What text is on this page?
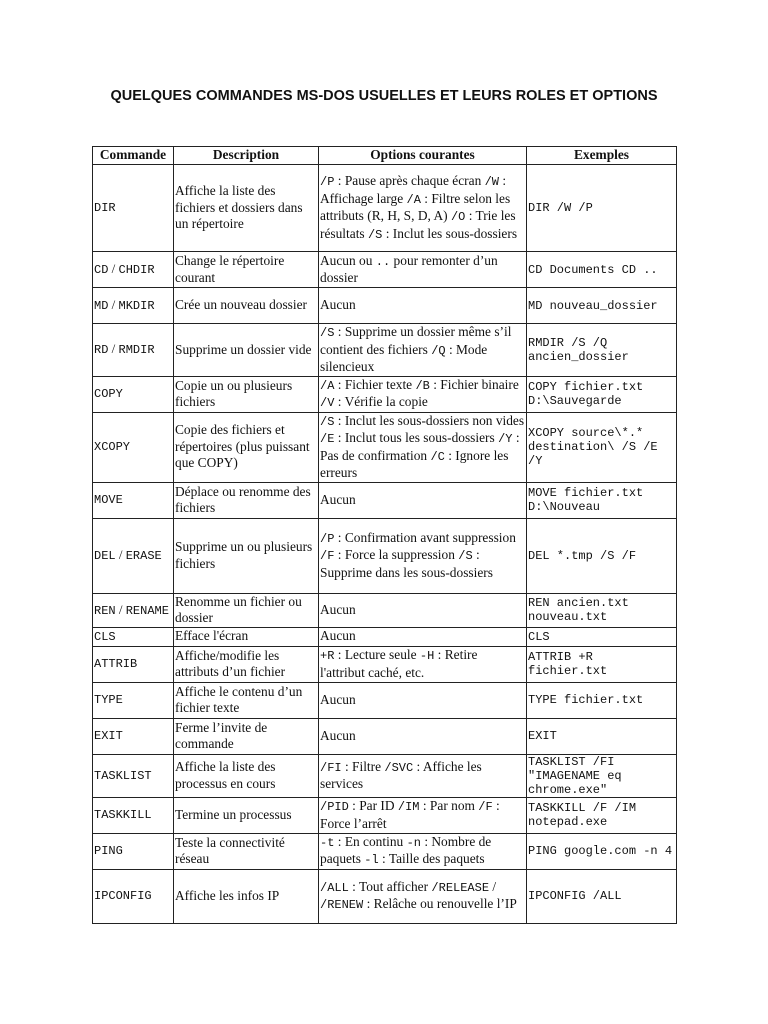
QUELQUES COMMANDES MS-DOS USUELLES ET LEURS ROLES ET OPTIONS
Commande	Description	Options courantes	Exemples
DIR	Affiche la liste des fichiers et dossiers dans un répertoire	/P : Pause après chaque écran /W : Affichage large /A : Filtre selon les attributs (R, H, S, D, A) /O : Trie les résultats /S : Inclut les sous-dossiers	DIR /W /P
CD / CHDIR	Change le répertoire courant	Aucun ou .. pour remonter d’un dossier	CD Documents CD ..
MD / MKDIR	Crée un nouveau dossier	Aucun	MD nouveau_dossier
RD / RMDIR	Supprime un dossier vide	/S : Supprime un dossier même s’il contient des fichiers /Q : Mode silencieux	RMDIR /S /Q ancien_dossier
COPY	Copie un ou plusieurs fichiers	/A : Fichier texte /B : Fichier binaire /V : Vérifie la copie	COPY fichier.txt D:\Sauvegarde
XCOPY	Copie des fichiers et répertoires (plus puissant que COPY)	/S : Inclut les sous-dossiers non vides /E : Inclut tous les sous-dossiers /Y : Pas de confirmation /C : Ignore les erreurs	XCOPY source\*.* destination\ /S /E /Y
MOVE	Déplace ou renomme des fichiers	Aucun	MOVE fichier.txt D:\Nouveau
DEL / ERASE	Supprime un ou plusieurs fichiers	/P : Confirmation avant suppression /F : Force la suppression /S : Supprime dans les sous-dossiers	DEL *.tmp /S /F
REN / RENAME	Renomme un fichier ou dossier	Aucun	REN ancien.txt nouveau.txt
CLS	Efface l'écran	Aucun	CLS
ATTRIB	Affiche/modifie les attributs d’un fichier	+R : Lecture seule -H : Retire l'attribut caché, etc.	ATTRIB +R fichier.txt
TYPE	Affiche le contenu d’un fichier texte	Aucun	TYPE fichier.txt
EXIT	Ferme l’invite de commande	Aucun	EXIT
TASKLIST	Affiche la liste des processus en cours	/FI : Filtre /SVC : Affiche les services	TASKLIST /FI "IMAGENAME eq chrome.exe"
TASKKILL	Termine un processus	/PID : Par ID /IM : Par nom /F : Force l’arrêt	TASKKILL /F /IM notepad.exe
PING	Teste la connectivité réseau	-t : En continu -n : Nombre de paquets -l : Taille des paquets	PING google.com -n 4
IPCONFIG	Affiche les infos IP	/ALL : Tout afficher /RELEASE / /RENEW : Relâche ou renouvelle l’IP	IPCONFIG /ALL
